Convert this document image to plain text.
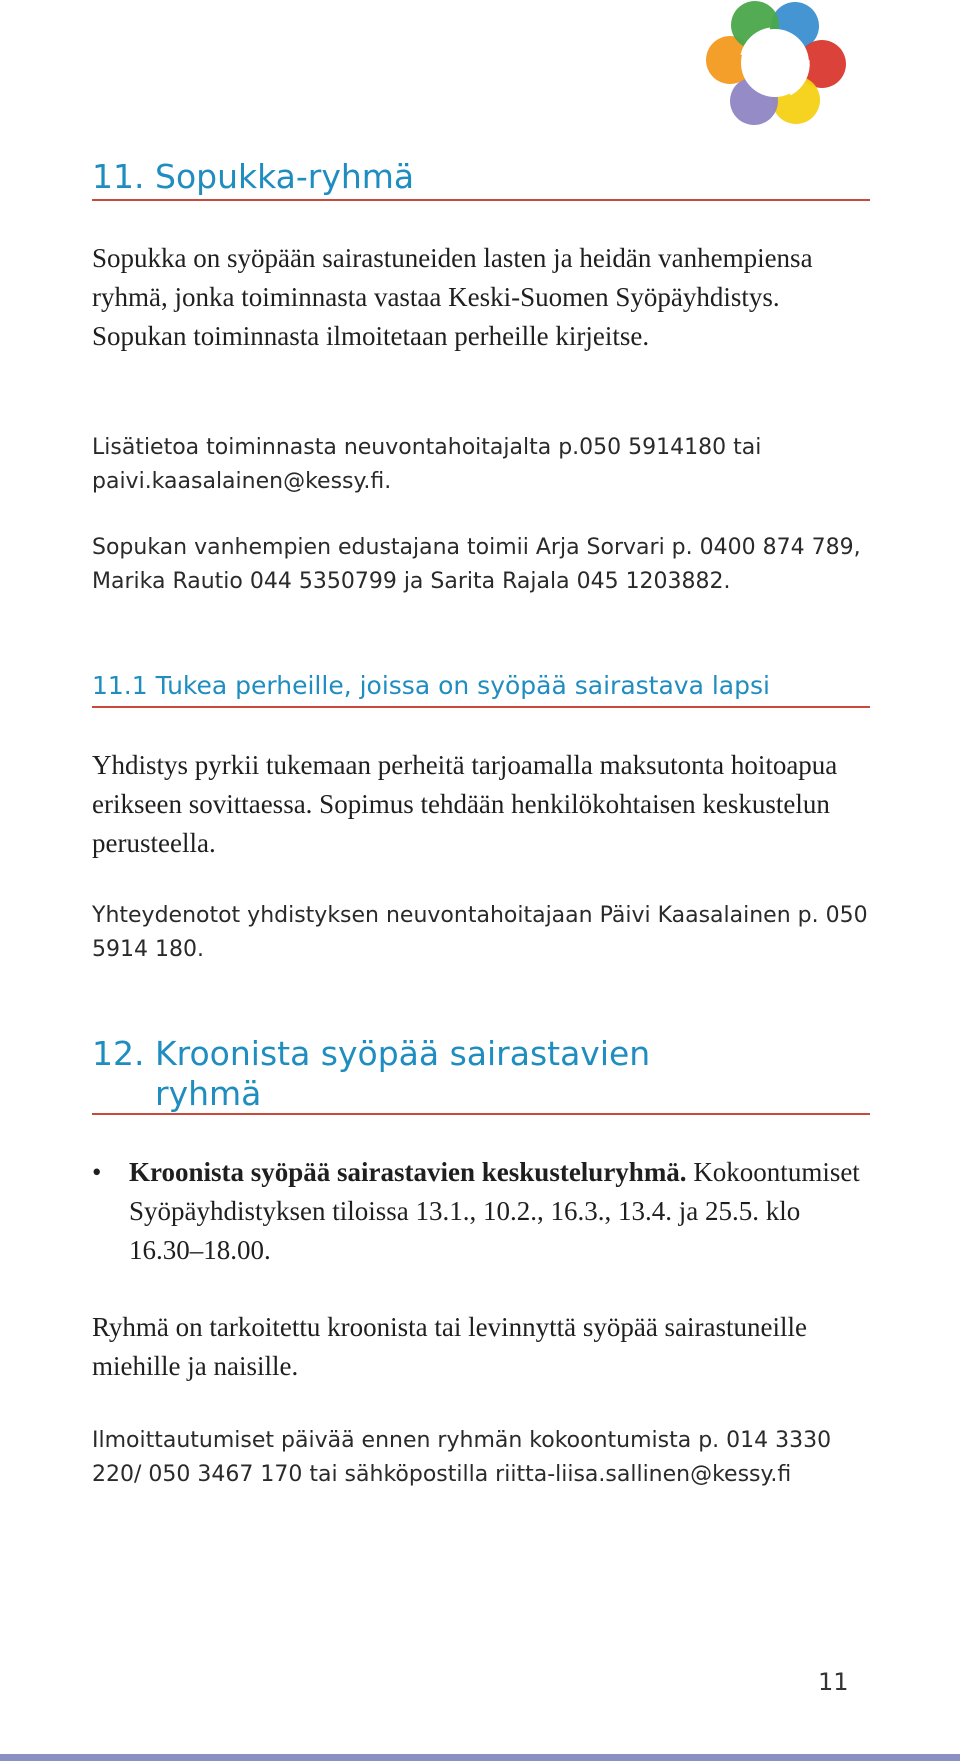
11. Sopukka-ryhmä

Sopukka on syöpään sairastuneiden lasten ja heidän vanhempiensa ryhmä, jonka toiminnasta vastaa Keski-Suomen Syöpäyhdistys. Sopukan toiminnasta ilmoitetaan perheille kirjeitse.

Lisätietoa toiminnasta neuvontahoitajalta p.050 5914180 tai paivi.kaasalainen@kessy.fi.

Sopukan vanhempien edustajana toimii Arja Sorvari p. 0400 874 789, Marika Rautio 044 5350799 ja Sarita Rajala 045 1203882.

11.1 Tukea perheille, joissa on syöpää sairastava lapsi

Yhdistys pyrkii tukemaan perheitä tarjoamalla maksutonta hoitoapua erikseen sovittaessa. Sopimus tehdään henkilökohtaisen keskustelun perusteella.

Yhteydenotot yhdistyksen neuvontahoitajaan Päivi Kaasalainen p. 050 5914 180.

12. Kroonista syöpää sairastavien
ryhmä
• Kroonista syöpää sairastavien keskusteluryhmä. Kokoontumiset Syöpäyhdistyksen tiloissa 13.1., 10.2., 16.3., 13.4. ja 25.5. klo 16.30–18.00.

Ryhmä on tarkoitettu kroonista tai levinnyttä syöpää sairastuneille miehille ja naisille.

Ilmoittautumiset päivää ennen ryhmän kokoontumista p. 014 3330 220/ 050 3467 170 tai sähköpostilla riitta-liisa.sallinen@kessy.fi

11
